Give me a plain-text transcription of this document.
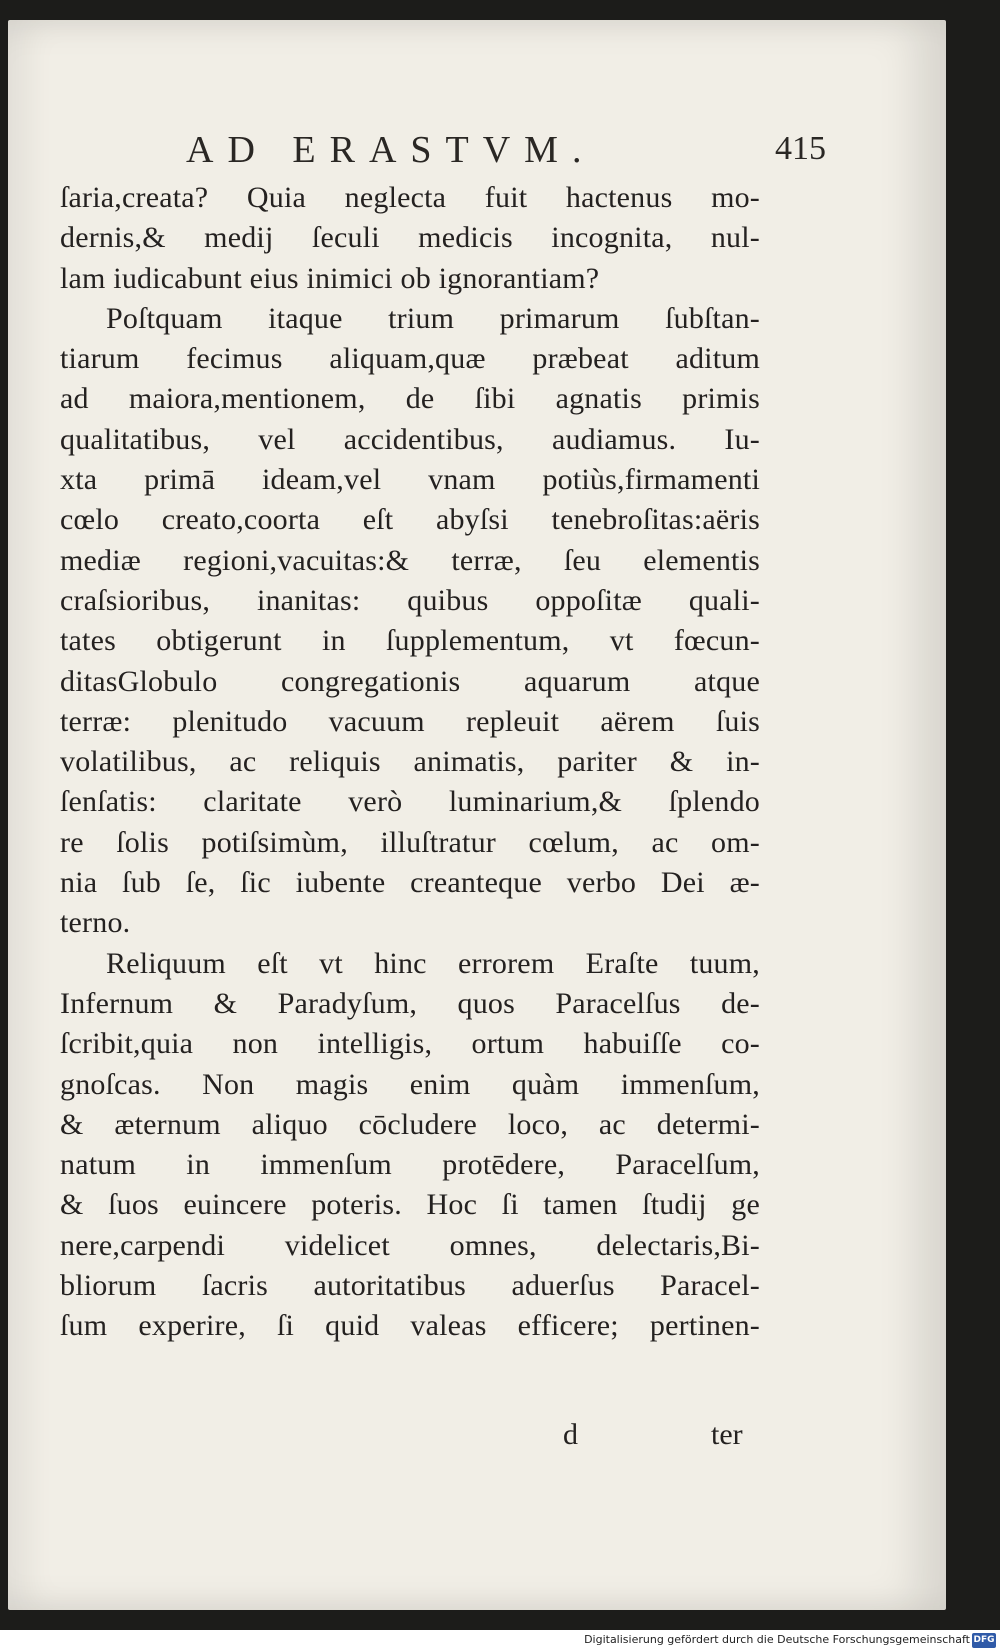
AD ERASTVM.	415
ſaria,creata? Quia neglecta fuit hactenus mo-
dernis,& medij ſeculi medicis incognita, nul-
lam iudicabunt eius inimici ob ignorantiam?
Poſtquam itaque trium primarum ſubſtan-
tiarum fecimus aliquam,quæ præbeat aditum
ad maiora,mentionem, de ſibi agnatis primis
qualitatibus, vel accidentibus, audiamus. Iu-
xta primā ideam,vel vnam potiùs,firmamenti
cœlo creato,coorta eſt abyſsi tenebroſitas:aëris
mediæ regioni,vacuitas:& terræ, ſeu elementis
craſsioribus, inanitas: quibus oppoſitæ quali-
tates obtigerunt in ſupplementum, vt fœcun-
ditasGlobulo congregationis aquarum atque
terræ: plenitudo vacuum repleuit aërem ſuis
volatilibus, ac reliquis animatis, pariter & in-
ſenſatis: claritate verò luminarium,& ſplendo
re ſolis potiſsimùm, illuſtratur cœlum, ac om-
nia ſub ſe, ſic iubente creanteque verbo Dei æ-
terno.
Reliquum eſt vt hinc errorem Eraſte tuum,
Infernum & Paradyſum, quos Paracelſus de-
ſcribit,quia non intelligis, ortum habuiſſe co-
gnoſcas. Non magis enim quàm immenſum,
& æternum aliquo cōcludere loco, ac determi-
natum in immenſum protēdere, Paracelſum,
& ſuos euincere poteris. Hoc ſi tamen ſtudij ge
nere,carpendi videlicet omnes, delectaris,Bi-
bliorum ſacris autoritatibus aduerſus Paracel-
ſum experire, ſi quid valeas efficere; pertinen-
d	ter
Digitalisierung gefördert durch die Deutsche Forschungsgemeinschaft DFG
